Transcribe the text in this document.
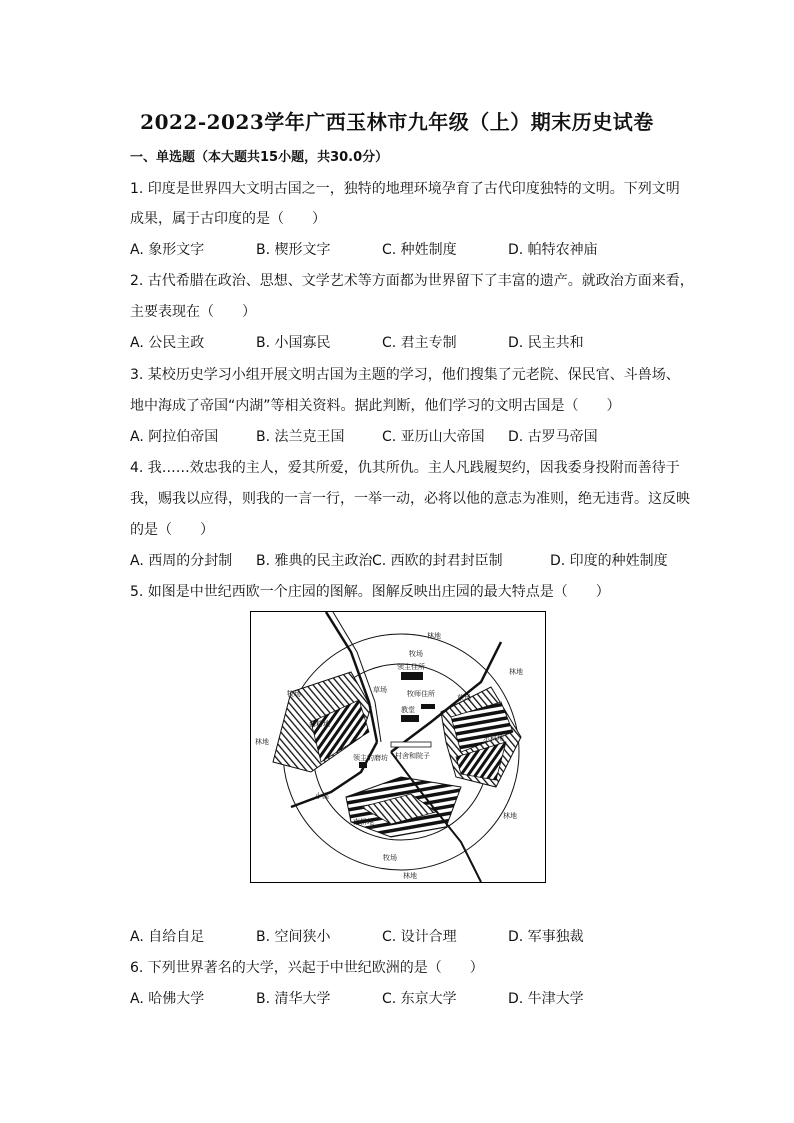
2022-2023学年广西玉林市九年级（上）期末历史试卷
一、单选题（本大题共15小题，共30.0分）
1. 印度是世界四大文明古国之一，独特的地理环境孕育了古代印度独特的文明。下列文明
成果，属于古印度的是（　　）
A. 象形文字	B. 楔形文字	C. 种姓制度	D. 帕特农神庙
2. 古代希腊在政治、思想、文学艺术等方面都为世界留下了丰富的遗产。就政治方面来看，
主要表现在（　　）
A. 公民主政	B. 小国寡民	C. 君主专制	D. 民主共和
3. 某校历史学习小组开展文明古国为主题的学习，他们搜集了元老院、保民官、斗兽场、
地中海成了帝国“内湖”等相关资料。据此判断，他们学习的文明古国是（　　）
A. 阿拉伯帝国	B. 法兰克王国	C. 亚历山大帝国 D. 古罗马帝国
4. 我……效忠我的主人，爱其所爱，仇其所仇。主人凡践履契约，因我委身投附而善待于
我，赐我以应得，则我的一言一行，一举一动，必将以他的意志为准则，绝无违背。这反映
的是（　　）
A. 西周的分封制 B. 雅典的民主政治 C. 西欧的封君封臣制	D. 印度的种姓制度
5. 如图是中世纪西欧一个庄园的图解。图解反映出庄园的最大特点是（　　）
林地
牧场
林地
领主住所
牧师住所
教堂
草场
草场
牧场
西耕地
林地	东耕地
村舍和院子
领主的磨坊
小溪
南耕地
林地
牧场
林地
A. 自给自足	B. 空间狭小	C. 设计合理	D. 军事独裁
6. 下列世界著名的大学，兴起于中世纪欧洲的是（　　）
A. 哈佛大学	B. 清华大学	C. 东京大学	D. 牛津大学
